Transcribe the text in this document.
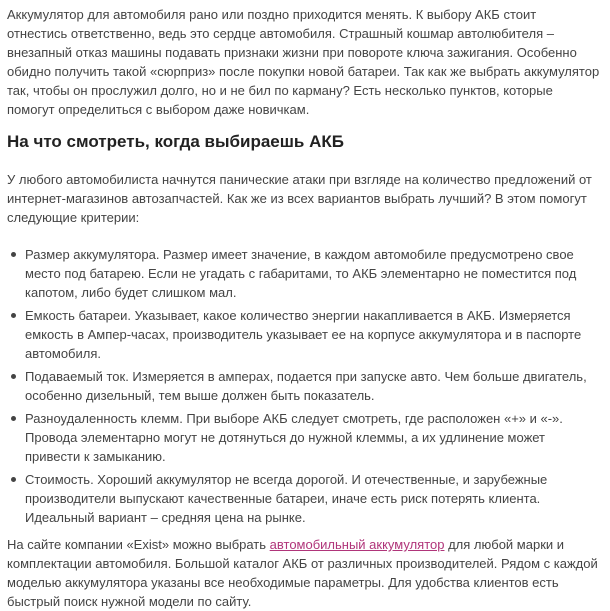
Аккумулятор для автомобиля рано или поздно приходится менять. К выбору АКБ стоит отнестись ответственно, ведь это сердце автомобиля. Страшный кошмар автолюбителя – внезапный отказ машины подавать признаки жизни при повороте ключа зажигания. Особенно обидно получить такой «сюрприз» после покупки новой батареи. Так как же выбрать аккумулятор так, чтобы он прослужил долго, но и не бил по карману? Есть несколько пунктов, которые помогут определиться с выбором даже новичкам.

На что смотреть, когда выбираешь АКБ

У любого автомобилиста начнутся панические атаки при взгляде на количество предложений от интернет-магазинов автозапчастей. Как же из всех вариантов выбрать лучший? В этом помогут следующие критерии:

Размер аккумулятора. Размер имеет значение, в каждом автомобиле предусмотрено свое место под батарею. Если не угадать с габаритами, то АКБ элементарно не поместится под капотом, либо будет слишком мал.
Емкость батареи. Указывает, какое количество энергии накапливается в АКБ. Измеряется емкость в Ампер-часах, производитель указывает ее на корпусе аккумулятора и в паспорте автомобиля.
Подаваемый ток. Измеряется в амперах, подается при запуске авто. Чем больше двигатель, особенно дизельный, тем выше должен быть показатель.
Разноудаленность клемм. При выборе АКБ следует смотреть, где расположен «+» и «-». Провода элементарно могут не дотянуться до нужной клеммы, а их удлинение может привести к замыканию.
Стоимость. Хороший аккумулятор не всегда дорогой. И отечественные, и зарубежные производители выпускают качественные батареи, иначе есть риск потерять клиента. Идеальный вариант – средняя цена на рынке.

На сайте компании «Exist» можно выбрать автомобильный аккумулятор для любой марки и комплектации автомобиля. Большой каталог АКБ от различных производителей. Рядом с каждой моделью аккумулятора указаны все необходимые параметры. Для удобства клиентов есть быстрый поиск нужной модели по сайту.
